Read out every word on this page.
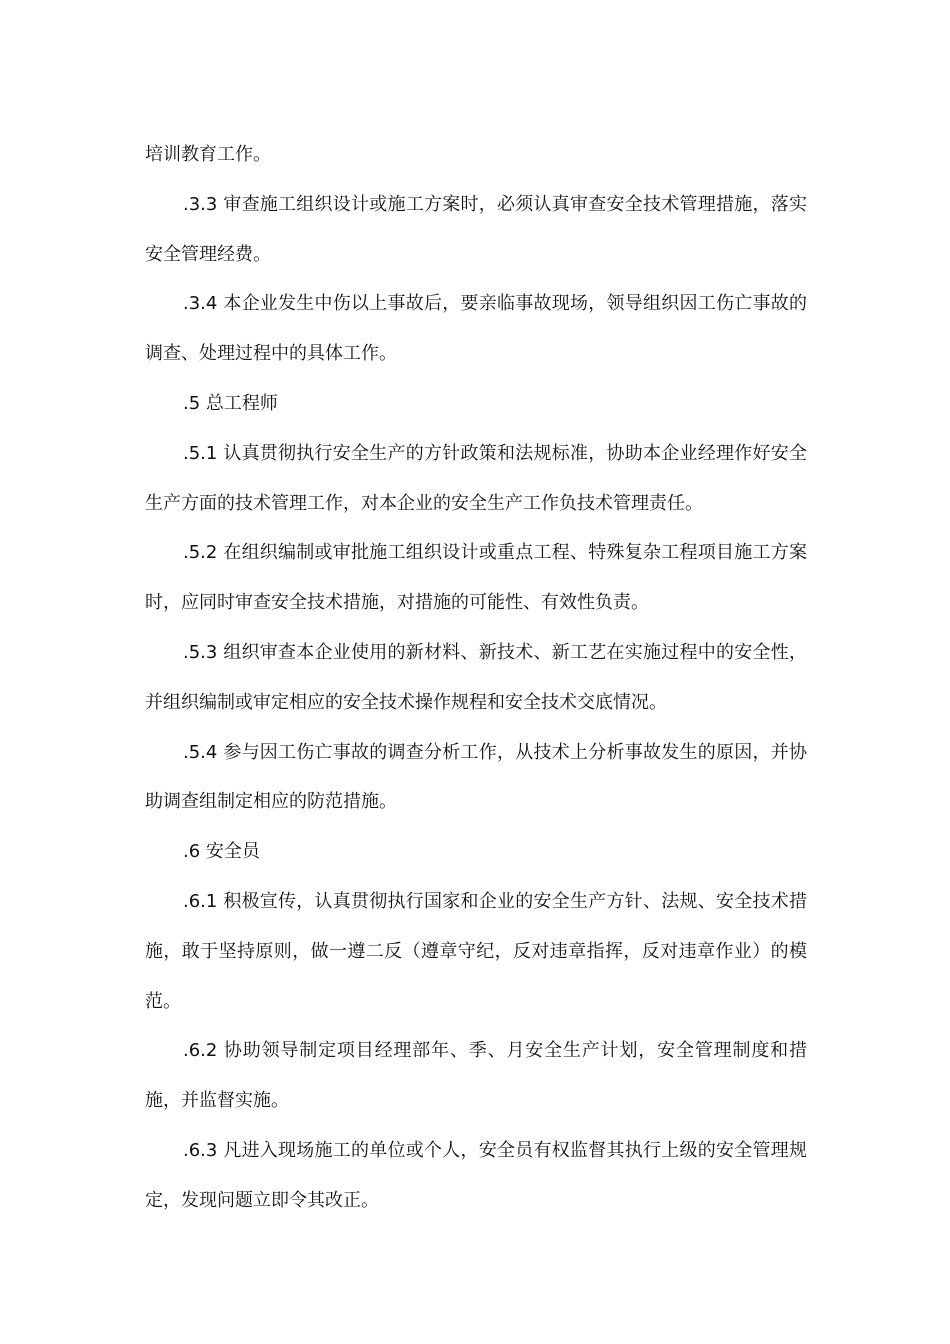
培训教育工作。

.3.3 审查施工组织设计或施工方案时，必须认真审查安全技术管理措施，落实安全管理经费。

.3.4 本企业发生中伤以上事故后，要亲临事故现场，领导组织因工伤亡事故的调查、处理过程中的具体工作。

.5 总工程师

.5.1 认真贯彻执行安全生产的方针政策和法规标准，协助本企业经理作好安全生产方面的技术管理工作，对本企业的安全生产工作负技术管理责任。

.5.2 在组织编制或审批施工组织设计或重点工程、特殊复杂工程项目施工方案时，应同时审查安全技术措施，对措施的可能性、有效性负责。

.5.3 组织审查本企业使用的新材料、新技术、新工艺在实施过程中的安全性，并组织编制或审定相应的安全技术操作规程和安全技术交底情况。

.5.4 参与因工伤亡事故的调查分析工作，从技术上分析事故发生的原因，并协助调查组制定相应的防范措施。

.6 安全员

.6.1 积极宣传，认真贯彻执行国家和企业的安全生产方针、法规、安全技术措施，敢于坚持原则，做一遵二反（遵章守纪，反对违章指挥，反对违章作业）的模范。

.6.2 协助领导制定项目经理部年、季、月安全生产计划，安全管理制度和措施，并监督实施。

.6.3 凡进入现场施工的单位或个人，安全员有权监督其执行上级的安全管理规定，发现问题立即令其改正。
